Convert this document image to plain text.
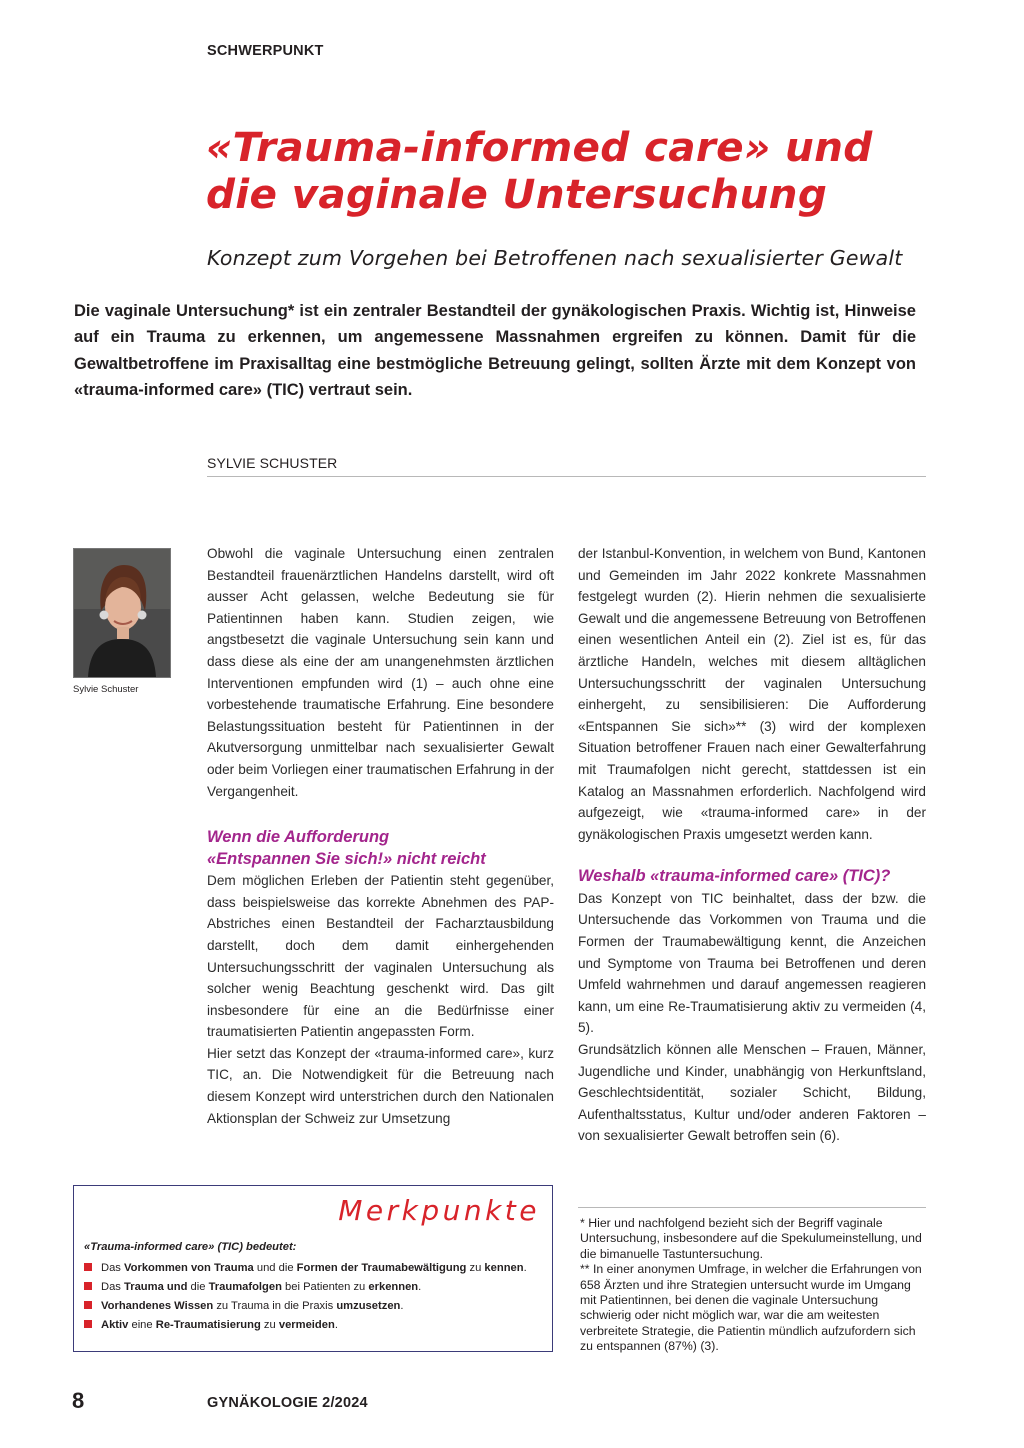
SCHWERPUNKT
«Trauma-informed care» und die vaginale Untersuchung
Konzept zum Vorgehen bei Betroffenen nach sexualisierter Gewalt
Die vaginale Untersuchung* ist ein zentraler Bestandteil der gynäkologischen Praxis. Wichtig ist, Hinweise auf ein Trauma zu erkennen, um angemessene Massnahmen ergreifen zu können. Damit für die Gewaltbetroffene im Praxisalltag eine bestmögliche Betreuung gelingt, sollten Ärzte mit dem Konzept von «trauma-informed care» (TIC) vertraut sein.
SYLVIE SCHUSTER
Sylvie Schuster

Obwohl die vaginale Untersuchung einen zentralen Bestandteil frauenärztlichen Handelns darstellt, wird oft ausser Acht gelassen, welche Bedeutung sie für Patientinnen haben kann. Studien zeigen, wie angstbesetzt die vaginale Untersuchung sein kann und dass diese als eine der am unangenehmsten ärztlichen Interventionen empfunden wird (1) – auch ohne eine vorbestehende traumatische Erfahrung. Eine besondere Belastungssituation besteht für Patientinnen in der Akutversorgung unmittelbar nach sexualisierter Gewalt oder beim Vorliegen einer traumatischen Erfahrung in der Vergangenheit.

Wenn die Aufforderung
«Entspannen Sie sich!» nicht reicht

Dem möglichen Erleben der Patientin steht gegenüber, dass beispielsweise das korrekte Abnehmen des PAP-Abstriches einen Bestandteil der Facharztausbildung darstellt, doch dem damit einhergehenden Untersuchungsschritt der vaginalen Untersuchung als solcher wenig Beachtung geschenkt wird. Das gilt insbesondere für eine an die Bedürfnisse einer traumatisierten Patientin angepassten Form.

Hier setzt das Konzept der «trauma-informed care», kurz TIC, an. Die Notwendigkeit für die Betreuung nach diesem Konzept wird unterstrichen durch den Nationalen Aktionsplan der Schweiz zur Umsetzung

der Istanbul-Konvention, in welchem von Bund, Kantonen und Gemeinden im Jahr 2022 konkrete Massnahmen festgelegt wurden (2). Hierin nehmen die sexualisierte Gewalt und die angemessene Betreuung von Betroffenen einen wesentlichen Anteil ein (2). Ziel ist es, für das ärztliche Handeln, welches mit diesem alltäglichen Untersuchungsschritt der vaginalen Untersuchung einhergeht, zu sensibilisieren: Die Aufforderung «Entspannen Sie sich»** (3) wird der komplexen Situation betroffener Frauen nach einer Gewalterfahrung mit Traumafolgen nicht gerecht, stattdessen ist ein Katalog an Massnahmen erforderlich. Nachfolgend wird aufgezeigt, wie «trauma-informed care» in der gynäkologischen Praxis umgesetzt werden kann.

Weshalb «trauma-informed care» (TIC)?

Das Konzept von TIC beinhaltet, dass der bzw. die Untersuchende das Vorkommen von Trauma und die Formen der Traumabewältigung kennt, die Anzeichen und Symptome von Trauma bei Betroffenen und deren Umfeld wahrnehmen und darauf angemessen reagieren kann, um eine Re-Traumatisierung aktiv zu vermeiden (4, 5).

Grundsätzlich können alle Menschen – Frauen, Männer, Jugendliche und Kinder, unabhängig von Herkunftsland, Geschlechtsidentität, sozialer Schicht, Bildung, Aufenthaltsstatus, Kultur und/oder anderen Faktoren – von sexualisierter Gewalt betroffen sein (6).

Merkpunkte
«Trauma-informed care» (TIC) bedeutet:
Das Vorkommen von Trauma und die Formen der Traumabewältigung zu kennen.
Das Trauma und die Traumafolgen bei Patienten zu erkennen.
Vorhandenes Wissen zu Trauma in die Praxis umzusetzen.
Aktiv eine Re-Traumatisierung zu vermeiden.

* Hier und nachfolgend bezieht sich der Begriff vaginale Untersuchung, insbesondere auf die Spekulumeinstellung, und die bimanuelle Tastuntersuchung.

** In einer anonymen Umfrage, in welcher die Erfahrungen von 658 Ärzten und ihre Strategien untersucht wurde im Umgang mit Patientinnen, bei denen die vaginale Untersuchung schwierig oder nicht möglich war, war die am weitesten verbreitete Strategie, die Patientin mündlich aufzufordern sich zu entspannen (87%) (3).

8	GYNÄKOLOGIE 2/2024
